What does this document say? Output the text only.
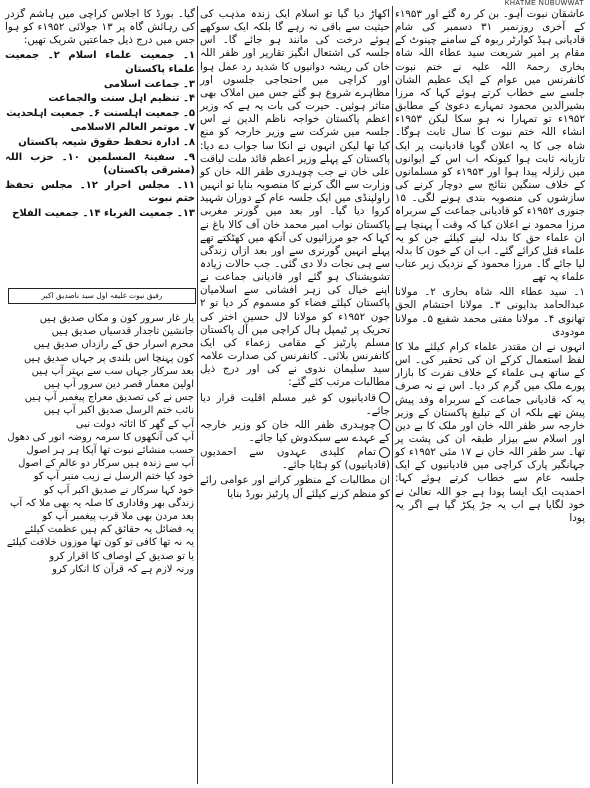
KHATME NUBUWWAT

عاشقان نبوت آہو۔ بن کر رہ گئے اور ۱۹۵۳ء کے آخری روزنمبر ۳۱ دسمبر کی شام قادیانی ہیڈ کوارٹر ربوہ کے سامنے چینوٹ کے مقام پر امیر شریعت سید عطاء اللہ شاہ بخاری رحمۃ اللہ علیہ نے ختم نبوت کانفرنس میں عوام کے ایک عظیم الشان جلسے سے خطاب کرتے ہوئے کہا کہ مرزا بشیرالدین محمود تمہارے دعویٰ کے مطابق ۱۹۵۲ء تو تمہارا نہ ہو سکا لیکن ۱۹۵۳ء انشاء اللہ ختم نبوت کا سال ثابت ہوگا۔ شاہ جی کا یہ اعلان گویا قادیانیت پر ایک تازیانہ ثابت ہوا کیونکہ اب اس کے ایوانوں میں زلزلہ پیدا ہوا اور ۱۹۵۳ء کو مسلمانوں کے خلاف سنگین نتائج سے دوچار کرنے کی سازشوں کی منصوبہ بندی ہونے لگی۔ ۱۵ جنوری ۱۹۵۲ء کو قادیانی جماعت کے سربراہ مرزا محمود نے اعلان کیا کہ وقت آ پہنچا ہے ان علماء حق کا بدلہ لینے کیلئے جن کو یہ علماء قتل کرائے گئے۔ اب ان کے خون کا بدلہ لیا جائے گا۔ مرزا محمود کے نزدیک زیر عتاب علماء یہ تھے

۱۔ سید عطاء اللہ شاہ بخاری ۲۔ مولانا عبدالحامد بدایونی ۳۔ مولانا احتشام الحق تھانوی ۴۔ مولانا مفتی محمد شفیع ۵۔ مولانا مودودی

انہوں نے ان مقتدر علماء کرام کیلئے ملا کا لفظ استعمال کرکے ان کی تحقیر کی۔ اس کے ساتھ ہی علماء کے خلاف نفرت کا بازار پورے ملک میں گرم کر دیا۔ اس نے نہ صرف یہ کہ قادیانی جماعت کے سربراہ وفد پیش پیش تھے بلکہ ان کے تبلیغ پاکستان کے وزیر خارجہ سر ظفر اللہ خان اور ملک کا بے دین اور اسلام سے بیزار طبقہ ان کی پشت پر تھا۔ سر ظفر اللہ خان نے ۱۷ مئی ۱۹۵۲ء کو جہانگیر پارک کراچی میں قادیانیوں کے ایک جلسہ عام سے خطاب کرتے ہوئے کہا: احمدیت ایک ایسا پودا ہے جو اللہ تعالیٰ نے خود لگایا ہے اب یہ جڑ پکڑ گیا ہے اگر یہ پودا

اکھاڑ دیا گیا تو اسلام ایک زندہ مذہب کی حیثیت سے باقی نہ رہے گا بلکہ ایک سوکھے ہوئے درخت کی مانند ہو جائے گا۔ اس جلسہ کی اشتعال انگیز تقاریر اور ظفر اللہ خان کی ریشہ دوانیوں کا شدید رد عمل ہوا اور کراچی میں احتجاجی جلسوں اور مظاہرے شروع ہو گئے جس میں املاک بھی متاثر ہوئیں۔ حیرت کی بات یہ ہے کہ وزیر اعظم پاکستان خواجہ ناظم الدین نے اس جلسہ میں شرکت سے وزیر خارجہ کو منع کیا تھا لیکن انہوں نے انکا سا جواب دے دیا: پاکستان کے پہلے وزیر اعظم قائد ملت لیاقت علی خان نے جب چوہدری ظفر اللہ خان کو وزارت سے الگ کرنے کا منصوبہ بنایا تو انہیں راولپنڈی میں ایک جلسہ عام کے دوران شہید کروا دیا گیا۔ اور بعد میں گورنر مغربی پاکستان نواب امیر محمد خان آف کالا باغ نے کہا کہ جو مرزائیوں کی آنکھ میں کھٹکتے تھے پہلے انہیں گورنری سے اور بعد ازاں زندگی سے ہی نجات دلا دی گئی۔ جب حالات زیادہ تشویشناک ہو گئے اور قادیانی جماعت نے اپنے خیال کی زہر افشانی سے اسلامیان پاکستان کیلئے فضاء کو مسموم کر دیا تو ۲ جون ۱۹۵۲ء کو مولانا لال حسین اختر کی تحریک پر ٹیمپل ہال کراچی میں آل پاکستان مسلم پارٹیز کے مقامی زعماء کی ایک کانفرنس بلائی۔ کانفرنس کی صدارت علامہ سید سلیمان ندوی نے کی اور درج ذیل مطالبات مرتب کئے گئے:

قادیانیوں کو غیر مسلم اقلیت قرار دیا جائے۔
چوہدری ظفر اللہ خان کو وزیر خارجہ کے عہدے سے سبکدوش کیا جائے۔
تمام کلیدی عہدوں سے احمدیوں (قادیانیوں) کو ہٹایا جائے۔

ان مطالبات کے منظور کرانے اور عوامی رائے کو منظم کرنے کیلئے آل پارٹیز بورڈ بنایا

گیا۔ بورڈ کا اجلاس کراچی میں ہاشم گزدر کی رہائش گاہ پر ۱۳ جولائی ۱۹۵۲ء کو ہوا جس میں درج ذیل جماعتیں شریک تھیں:

۱۔ جمعیت علماء اسلام ۲۔ جمعیت علماء پاکستان
۳۔ جماعت اسلامی
۴۔ تنظیم اہل سنت والجماعت
۵۔ جمعیت اہلسنت ۶۔ جمعیت اہلحدیث
۷۔ موتمر العالم الاسلامی
۸۔ ادارہ تحفظ حقوق شیعہ پاکستان
۹۔ سفینۃ المسلمین ۱۰۔ حزب اللہ (مشرقی پاکستان)
۱۱۔ مجلس احرار ۱۲۔ مجلس تحفظ ختم نبوت
۱۳۔ جمعیت الغرباء ۱۴۔ جمعیت الفلاح
رفیق نبوت غلیفہ اول سید ناصدیق اکبر

یار غار سرور کون و مکاں صدیق ہیں

جانشین تاجدار قدسیاں صدیق ہیں

محرم اسرار حق کے رازداں صدیق ہیں

کون پہنچا اس بلندی پر جہاں صدیق ہیں

بعد سرکار جہاں سب سے بہتر آپ ہیں

اولین معمار قصر دین سرور آپ ہیں

جس نے کی تصدیق معراج پیغمبر آپ ہیں

نائب ختم الرسل صدیق اکبر آپ ہیں

آپ کے گھر کا اثاثہ دولت نبی

آپ کی آنکھوں کا سرمہ روضہ انور کی دھول

حسب منشائے نبوت تھا آپکا ہر ہر اصول

آپ سے زندہ ہیں سرکار دو عالم کے اصول

خود کیا ختم الرسل نے زیب منبر آپ کو

خود کہا سرکار نے صدیق اکبر آپ کو

زندگی بھر وفاداری کا صلہ یہ بھی ملا کہ آپ

بعد مردن بھی ملا قرب پیغمبر آپ کو

یہ فضائل یہ حقائق کم ہیں عظمت کیلئے

یہ نہ تھا کافی تو کون تھا موزوں خلافت کیلئے

یا تو صدیق کے اوصاف کا اقرار کرو

ورنہ لازم ہے کہ قرآن کا انکار کرو
